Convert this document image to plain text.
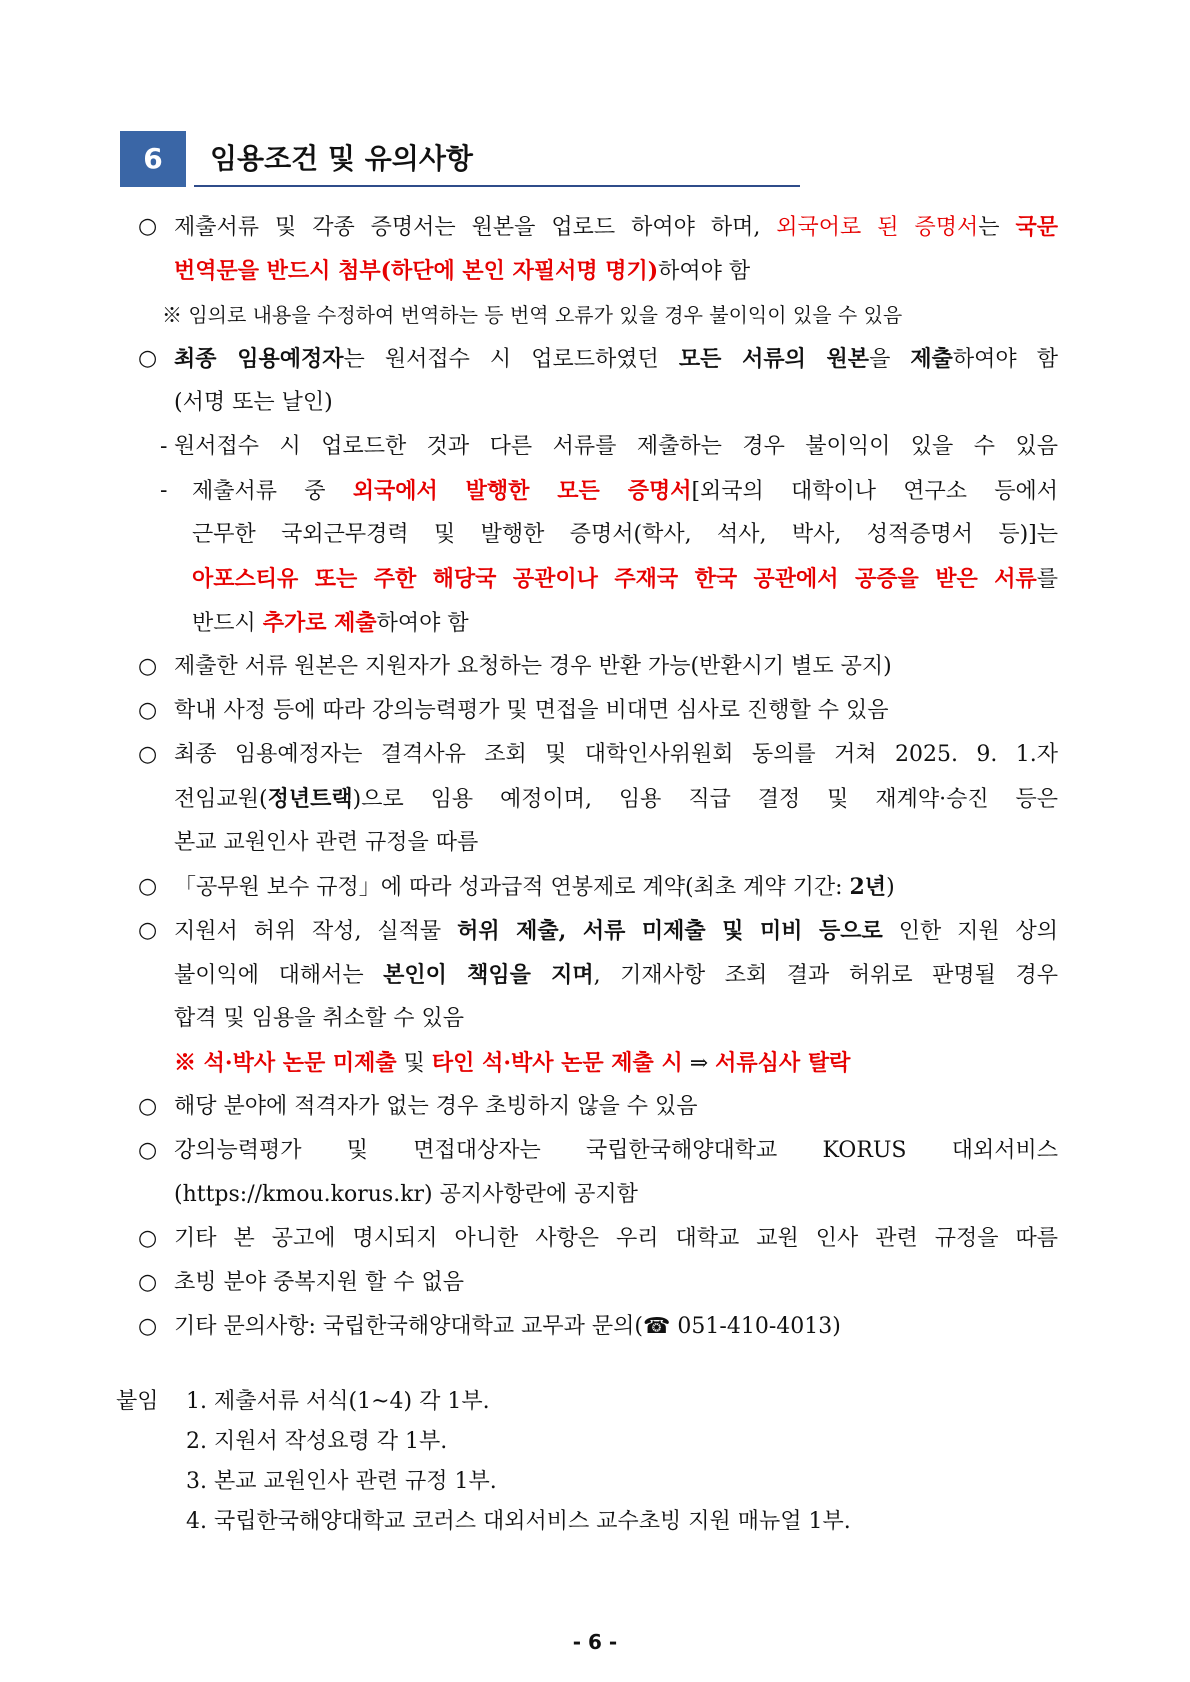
6	임용조건 및 유의사항
○ 제출서류 및 각종 증명서는 원본을 업로드 하여야 하며, 외국어로 된 증명서는 국문
번역문을 반드시 첨부(하단에 본인 자필서명 명기)하여야 함
※ 임의로 내용을 수정하여 번역하는 등 번역 오류가 있을 경우 불이익이 있을 수 있음
○ 최종 임용예정자는 원서접수 시 업로드하였던 모든 서류의 원본을 제출하여야 함
(서명 또는 날인)
- 원서접수 시 업로드한 것과 다른 서류를 제출하는 경우 불이익이 있을 수 있음
- 제출서류 중 외국에서 발행한 모든 증명서[외국의 대학이나 연구소 등에서
근무한 국외근무경력 및 발행한 증명서(학사, 석사, 박사, 성적증명서 등)]는
아포스티유 또는 주한 해당국 공관이나 주재국 한국 공관에서 공증을 받은 서류를
반드시 추가로 제출하여야 함
○ 제출한 서류 원본은 지원자가 요청하는 경우 반환 가능(반환시기 별도 공지)
○ 학내 사정 등에 따라 강의능력평가 및 면접을 비대면 심사로 진행할 수 있음
○ 최종 임용예정자는 결격사유 조회 및 대학인사위원회 동의를 거쳐 2025. 9. 1.자
전임교원(정년트랙)으로 임용 예정이며, 임용 직급 결정 및 재계약·승진 등은
본교 교원인사 관련 규정을 따름
○ 「공무원 보수 규정」에 따라 성과급적 연봉제로 계약(최초 계약 기간: 2년)
○ 지원서 허위 작성, 실적물 허위 제출, 서류 미제출 및 미비 등으로 인한 지원 상의
불이익에 대해서는 본인이 책임을 지며, 기재사항 조회 결과 허위로 판명될 경우
합격 및 임용을 취소할 수 있음
※ 석·박사 논문 미제출 및 타인 석·박사 논문 제출 시 ⇒ 서류심사 탈락
○ 해당 분야에 적격자가 없는 경우 초빙하지 않을 수 있음
○ 강의능력평가 및 면접대상자는 국립한국해양대학교 KORUS 대외서비스
(https://kmou.korus.kr) 공지사항란에 공지함
○ 기타 본 공고에 명시되지 아니한 사항은 우리 대학교 교원 인사 관련 규정을 따름
○ 초빙 분야 중복지원 할 수 없음
○ 기타 문의사항: 국립한국해양대학교 교무과 문의(☎ 051-410-4013)
붙임 1. 제출서류 서식(1~4) 각 1부.
2. 지원서 작성요령 각 1부.
3. 본교 교원인사 관련 규정 1부.
4. 국립한국해양대학교 코러스 대외서비스 교수초빙 지원 매뉴얼 1부.
- 6 -
